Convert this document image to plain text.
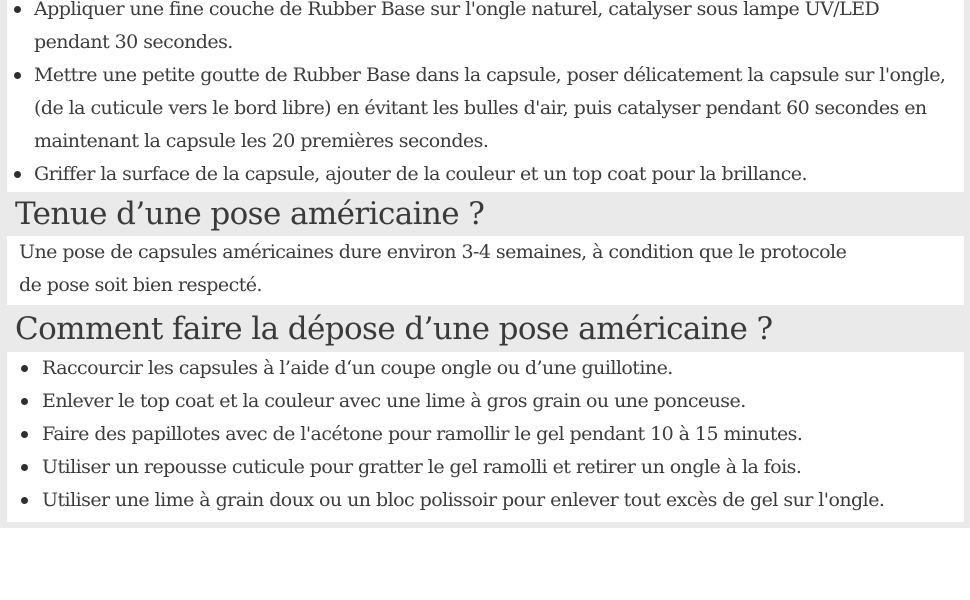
Appliquer une fine couche de Rubber Base sur l'ongle naturel, catalyser sous lampe UV/LED
pendant 30 secondes.
Mettre une petite goutte de Rubber Base dans la capsule, poser délicatement la capsule sur l'ongle,
(de la cuticule vers le bord libre) en évitant les bulles d'air, puis catalyser pendant 60 secondes en
maintenant la capsule les 20 premières secondes.
Griffer la surface de la capsule, ajouter de la couleur et un top coat pour la brillance.
Tenue d’une pose américaine ?

Une pose de capsules américaines dure environ 3-4 semaines, à condition que le protocole
de pose soit bien respecté.

Comment faire la dépose d’une pose américaine ?
Raccourcir les capsules à l’aide d‘un coupe ongle ou d’une guillotine.
Enlever le top coat et la couleur avec une lime à gros grain ou une ponceuse.
Faire des papillotes avec de l'acétone pour ramollir le gel pendant 10 à 15 minutes.
Utiliser un repousse cuticule pour gratter le gel ramolli et retirer un ongle à la fois.
Utiliser une lime à grain doux ou un bloc polissoir pour enlever tout excès de gel sur l'ongle.
